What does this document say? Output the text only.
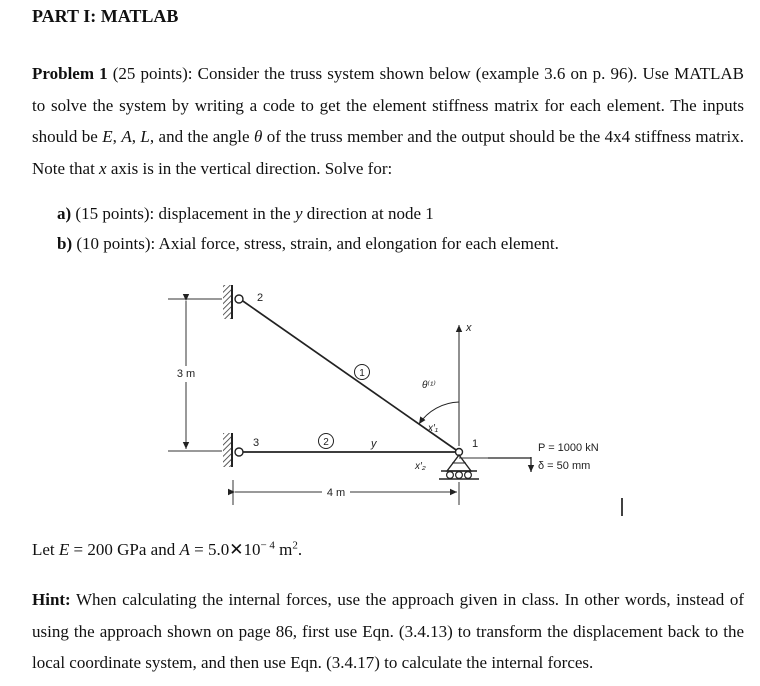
PART I: MATLAB

Problem 1 (25 points): Consider the truss system shown below (example 3.6 on p. 96). Use MATLAB to solve the system by writing a code to get the element stiffness matrix for each element. The inputs should be E, A, L, and the angle θ of the truss member and the output should be the 4x4 stiffness matrix. Note that x axis is in the vertical direction. Solve for:

a) (15 points): displacement in the y direction at node 1
b) (10 points): Axial force, stress, strain, and elongation for each element.
3 m
4 m
2
3
1
2
x
y
θ⁽¹⁾
x′₁
x′₂
1	P = 1000 kN
δ = 50 mm
Let E = 200 GPa and $A = 5.0✕10^{- 4}$ $m^2$.

Hint: When calculating the internal forces, use the approach given in class. In other words, instead of using the approach shown on page 86, first use Eqn. (3.4.13) to transform the displacement back to the local coordinate system, and then use Eqn. (3.4.17) to calculate the internal forces.
